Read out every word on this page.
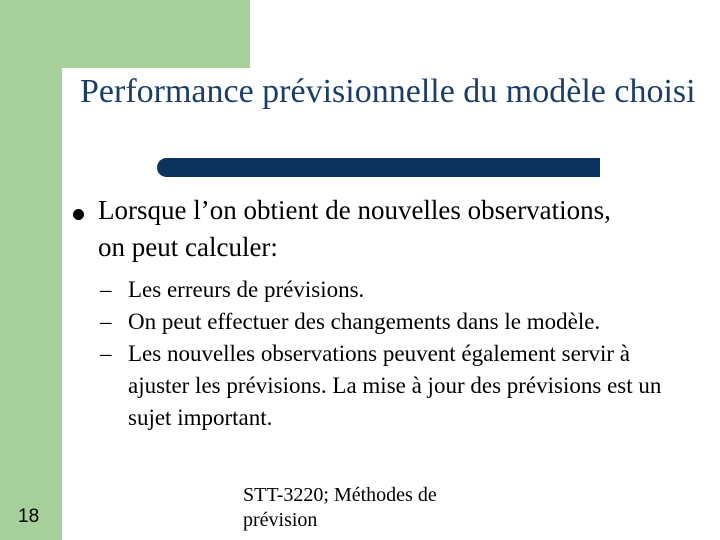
Performance prévisionnelle du modèle choisi

Lorsque l’on obtient de nouvelles observations, on peut calculer:

– Les erreurs de prévisions.
– On peut effectuer des changements dans le modèle.
– Les nouvelles observations peuvent également servir à ajuster les prévisions. La mise à jour des prévisions est un sujet important.

18

STT-3220; Méthodes de prévision
